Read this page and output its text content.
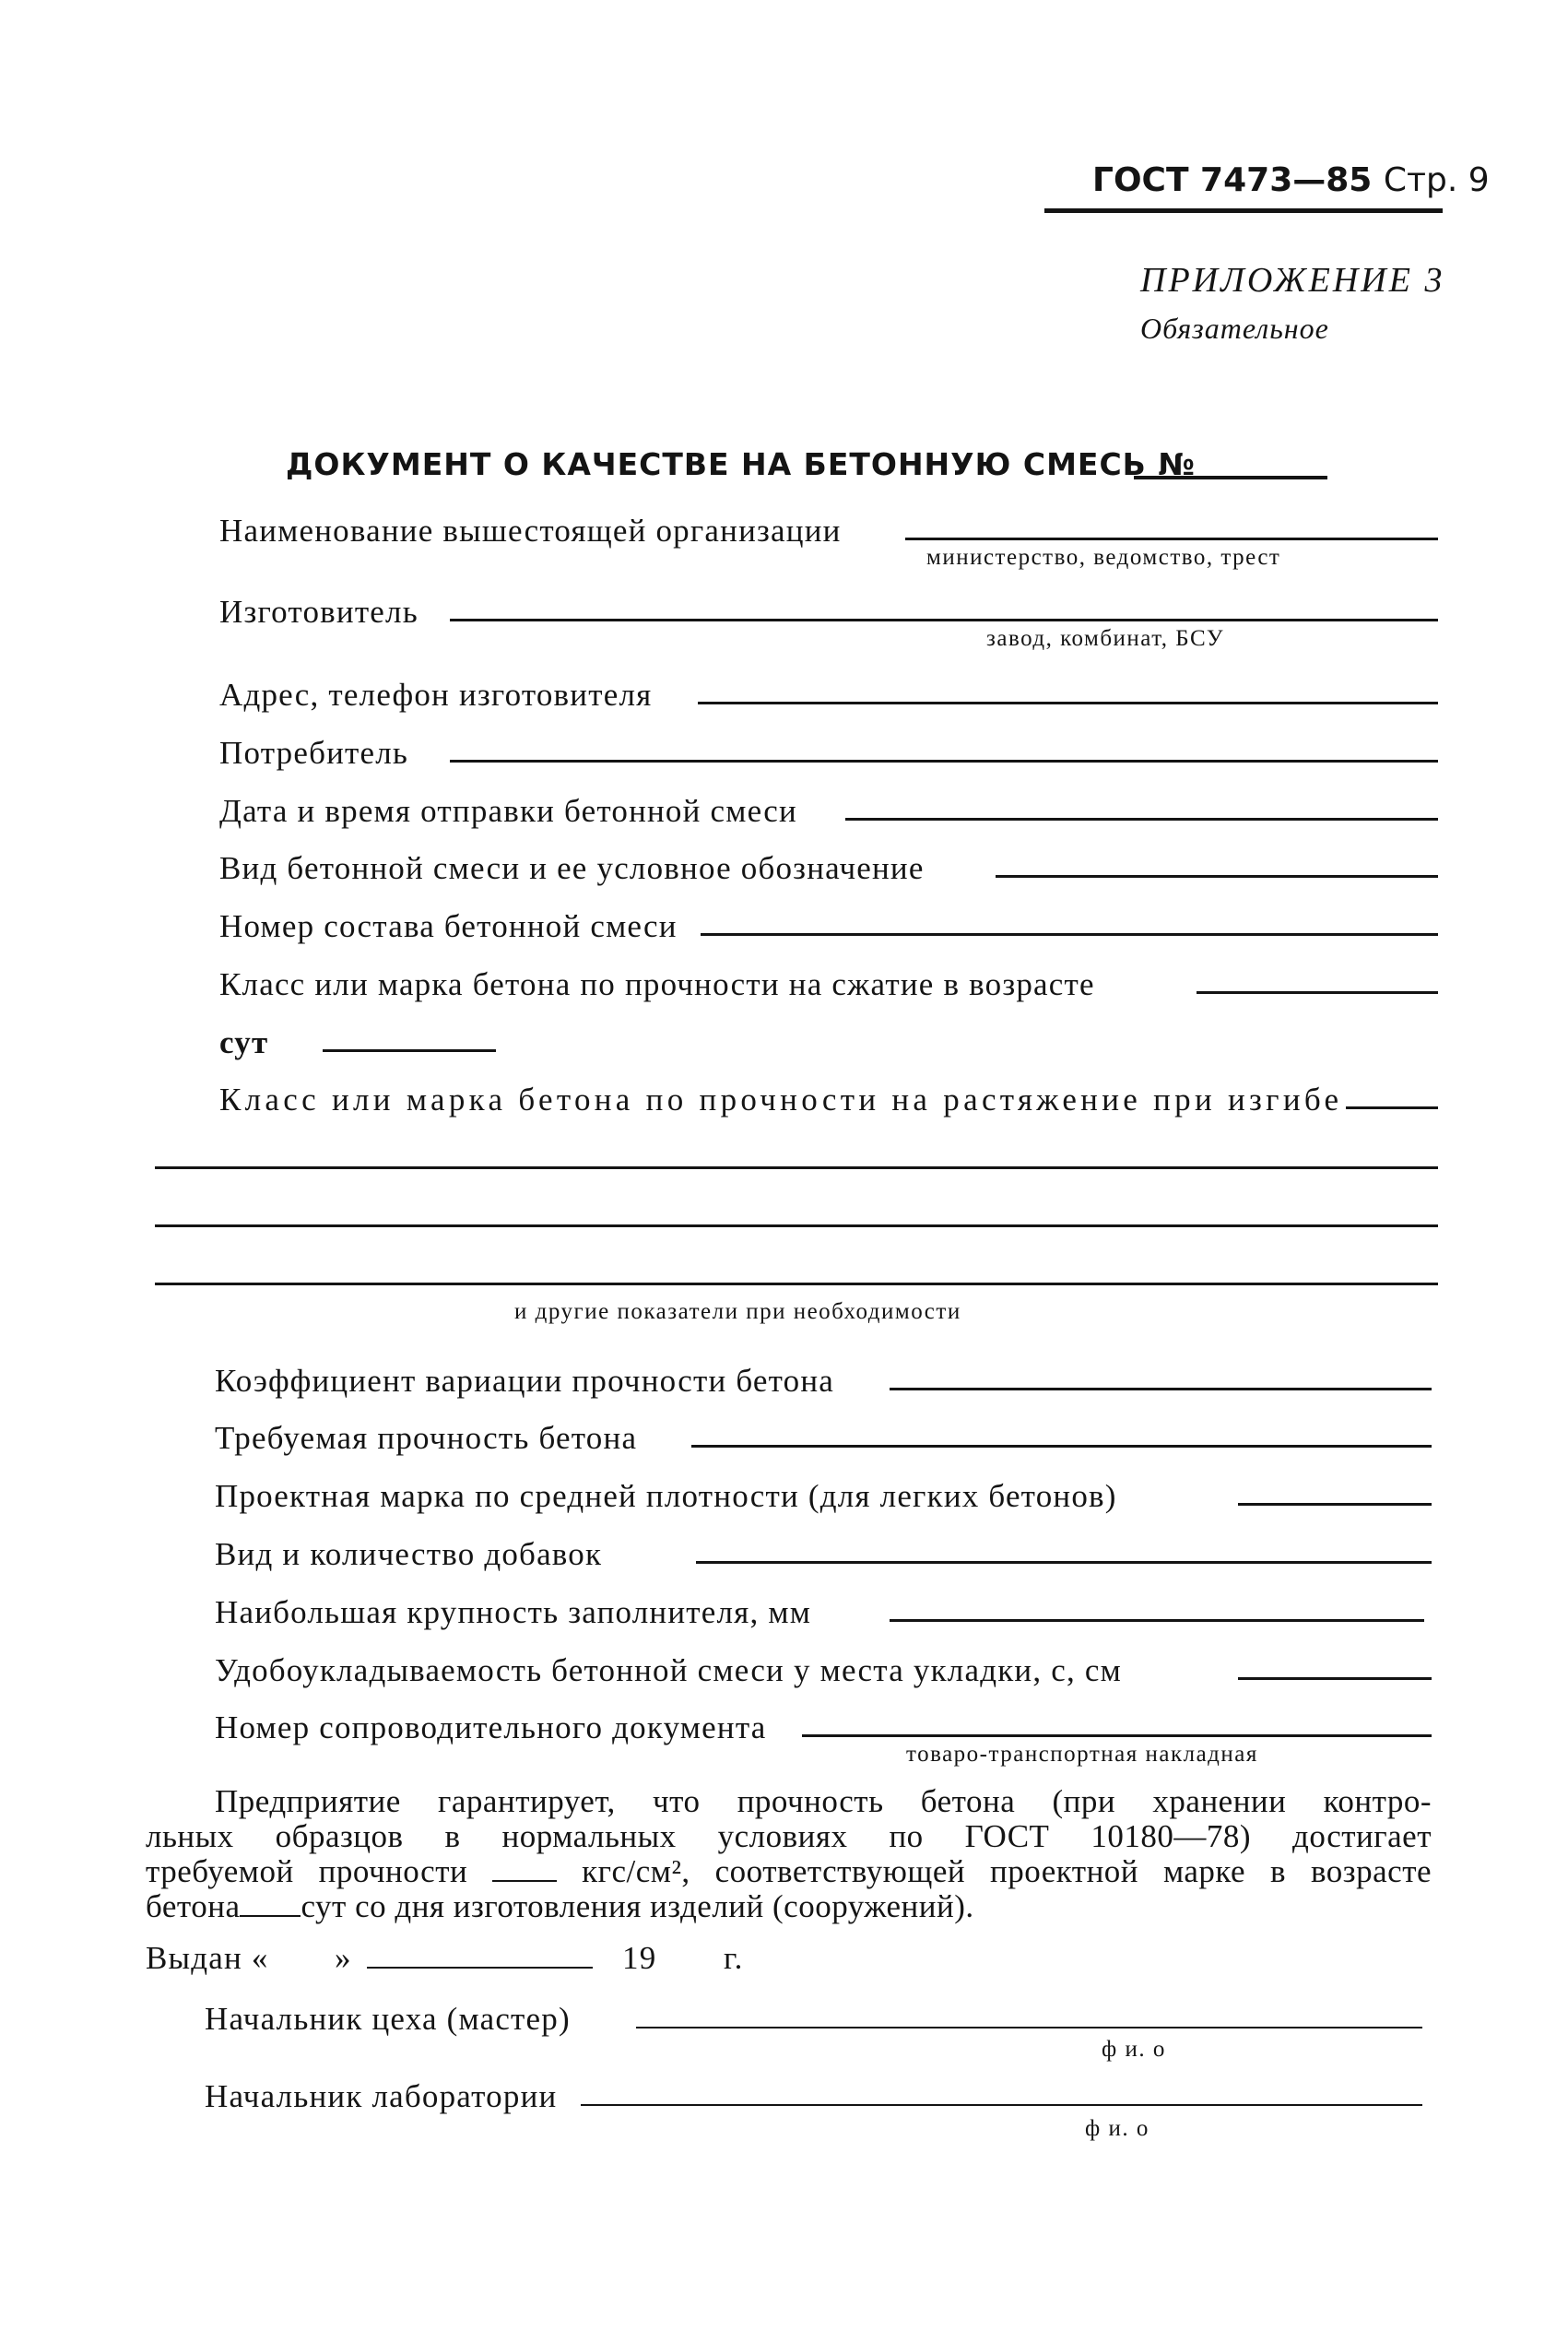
ГОСТ 7473—85 Стр. 9
ПРИЛОЖЕНИЕ 3
Обязательное
ДОКУМЕНТ О КАЧЕСТВЕ НА БЕТОННУЮ СМЕСЬ №
Наименование вышестоящей организации
министерство, ведомство, трест
Изготовитель
завод, комбинат, БСУ
Адрес, телефон изготовителя
Потребитель
Дата и время отправки бетонной смеси
Вид бетонной смеси и ее условное обозначение
Номер состава бетонной смеси
Класс или марка бетона по прочности на сжатие в возрасте
сут
Класс или марка бетона по прочности на растяжение при изгибе
и другие показатели при необходимости
Коэффициент вариации прочности бетона
Требуемая прочность бетона
Проектная марка по средней плотности (для легких бетонов)
Вид и количество добавок
Наибольшая крупность заполнителя, мм
Удобоукладываемость бетонной смеси у места укладки, с, см
Номер сопроводительного документа
товаро-транспортная накладная
Предприятие гарантирует, что прочность бетона (при хранении контро-
льных образцов в нормальных условиях по ГОСТ 10180—78) достигает
требуемой прочности	кгс/см², соответствующей проектной марке в возрасте
бетона сут со дня изготовления изделий (сооружений).
Выдан « »	19 г.
Начальник цеха (мастер)
ф и. о
Начальник лаборатории
ф и. о
